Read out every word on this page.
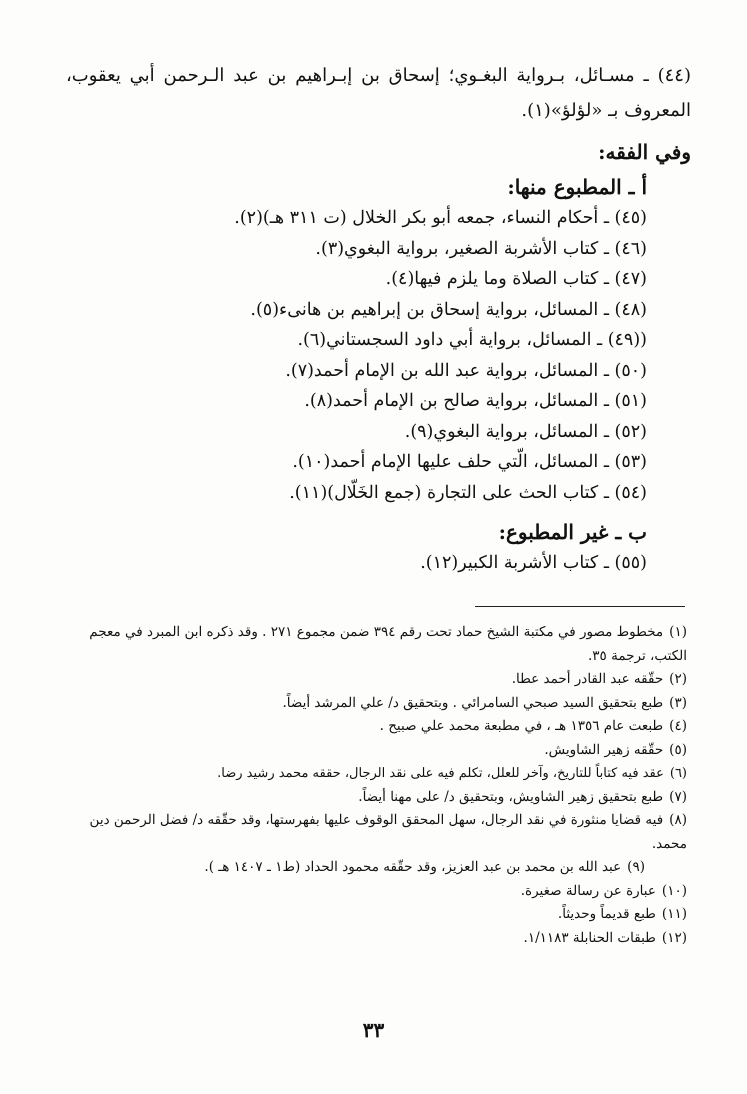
(٤٤) ـ مسـائل، بـرواية البغـوي؛ إسحاق بن إبـراهيم بن عبد الـرحمن أبي يعقوب، المعروف بـ «لؤلؤ»(١).

وفي الفقه:
أ ـ المطبوع منها:
(٤٥) ـ أحكام النساء، جمعه أبو بكر الخلال (ت ٣١١ هـ)(٢).
(٤٦) ـ كتاب الأشربة الصغير، برواية البغوي(٣).
(٤٧) ـ كتاب الصلاة وما يلزم فيها(٤).
(٤٨) ـ المسائل، برواية إسحاق بن إبراهيم بن هانىء(٥).
((٤٩) ـ المسائل، برواية أبي داود السجستاني(٦).
(٥٠) ـ المسائل، برواية عبد الله بن الإمام أحمد(٧).
(٥١) ـ المسائل، برواية صالح بن الإمام أحمد(٨).
(٥٢) ـ المسائل، برواية البغوي(٩).
(٥٣) ـ المسائل، الّتي حلف عليها الإمام أحمد(١٠).
(٥٤) ـ كتاب الحث على التجارة (جمع الخَلّال)(١١).
ب ـ غير المطبوع:
(٥٥) ـ كتاب الأشربة الكبير(١٢).
(١)مخطوط مصور في مكتبة الشيخ حماد تحت رقم ٣٩٤ ضمن مجموع ٢٧١ . وقد ذكره ابن المبرد في معجم الكتب، ترجمة ٣٥.
(٢)حقّقه عبد القادر أحمد عطا.
(٣)طبع بتحقيق السيد صبحي السامرائي . وبتحقيق د/ علي المرشد أيضاً.
(٤)طبعت عام ١٣٥٦ هـ ، في مطبعة محمد علي صبيح .
(٥)حقّقه زهير الشاويش.
(٦)عقد فيه كتاباً للتاريخ، وآخر للعلل، تكلم فيه على نقد الرجال، حققه محمد رشيد رضا.
(٧)طبع بتحقيق زهير الشاويش، وبتحقيق د/ على مهنا أيضاً.
(٨)فيه قضايا منثورة في نقد الرجال، سهل المحقق الوقوف عليها بفهرستها، وقد حقّقه د/ فضل الرحمن دين محمد.
(٩)عبد الله بن محمد بن عبد العزيز، وقد حقّقه محمود الحداد (ط١ ـ ١٤٠٧ هـ ).
(١٠)عبارة عن رسالة صغيرة.
(١١)طبع قديماً وحديثاً.
(١٢)طبقات الحنابلة ١/١١٨٣.
٣٣
